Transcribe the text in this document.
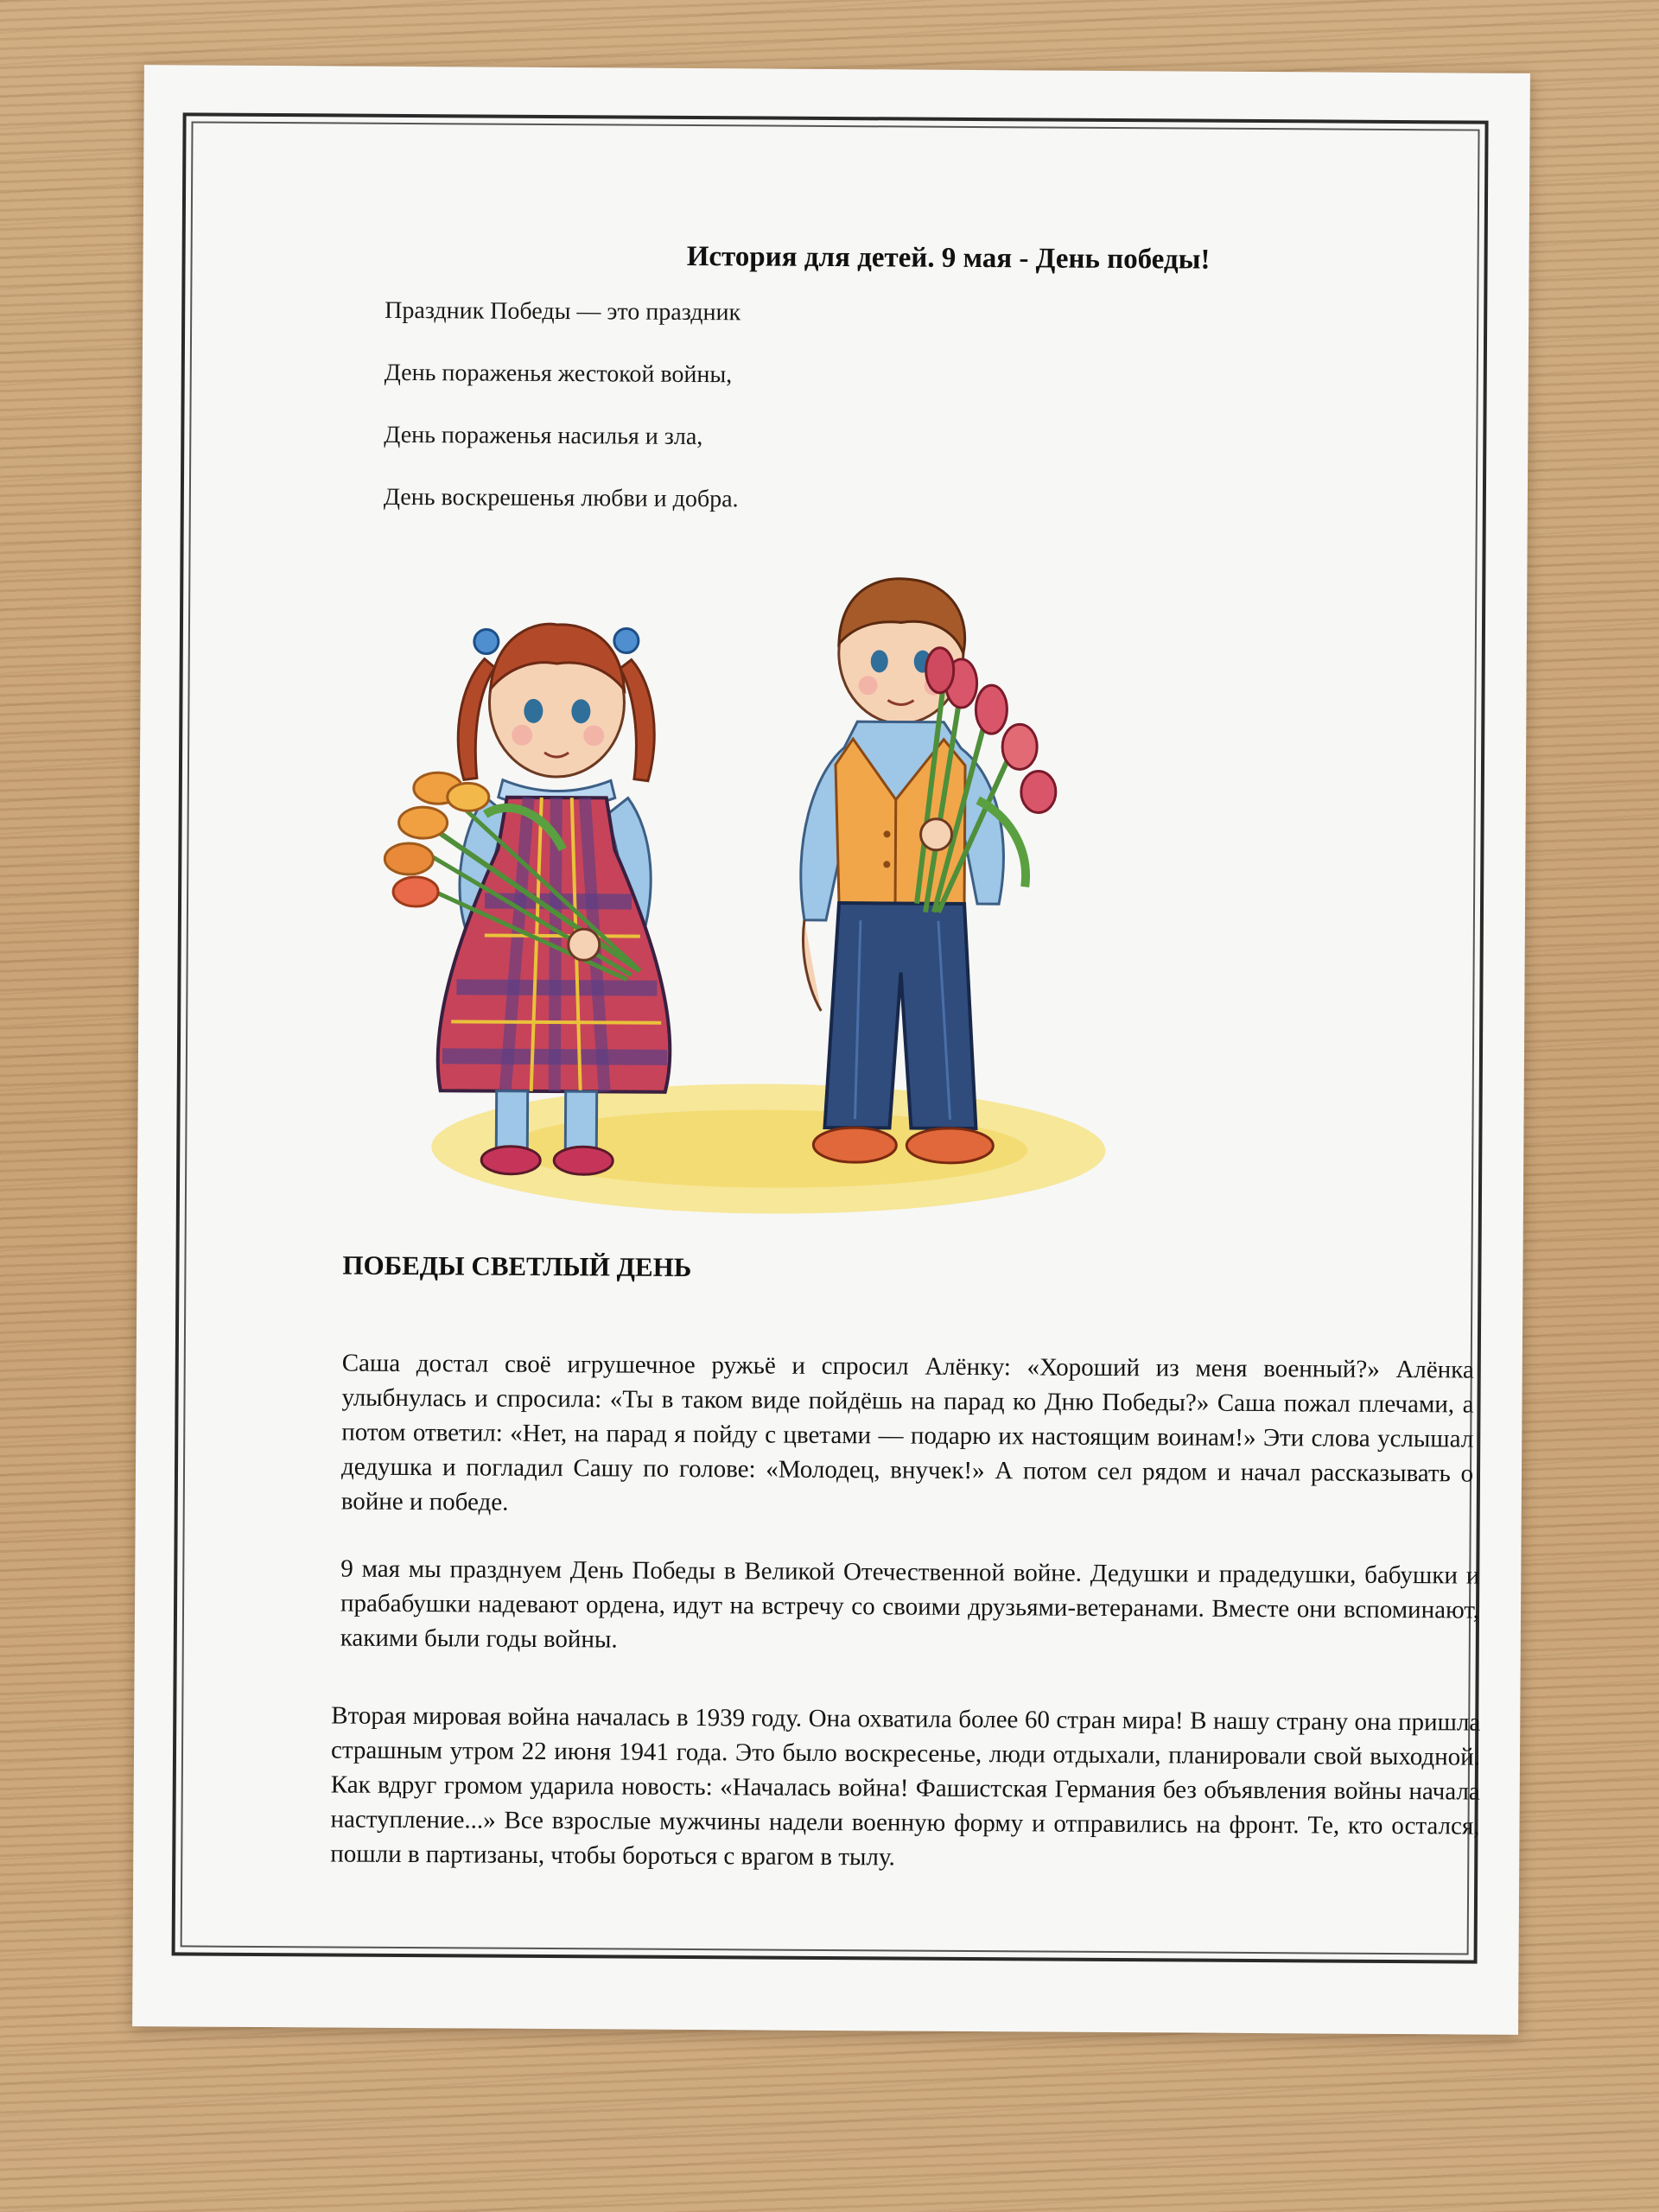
История для детей. 9 мая - День победы!
Праздник Победы — это праздник
День пораженья жестокой войны,
День пораженья насилья и зла,
День воскрешенья любви и добра.
ПОБЕДЫ СВЕТЛЫЙ ДЕНЬ

Саша достал своё игрушечное ружьё и спросил Алёнку: «Хороший из меня военный?» Алёнка улыбнулась и спросила: «Ты в таком виде пойдёшь на парад ко Дню Победы?» Саша пожал плечами, а потом ответил: «Нет, на парад я пойду с цветами — подарю их настоящим воинам!» Эти слова услышал дедушка и погладил Сашу по голове: «Молодец, внучек!» А потом сел рядом и начал рассказывать о войне и победе.

9 мая мы празднуем День Победы в Великой Отечественной войне. Дедушки и прадедушки, бабушки и прабабушки надевают ордена, идут на встречу со своими друзьями-ветеранами. Вместе они вспоминают, какими были годы войны.

Вторая мировая война началась в 1939 году. Она охватила более 60 стран мира! В нашу страну она пришла страшным утром 22 июня 1941 года. Это было воскресенье, люди отдыхали, планировали свой выходной. Как вдруг громом ударила новость: «Началась война! Фашистская Германия без объявления войны начала наступление...» Все взрослые мужчины надели военную форму и отправились на фронт. Те, кто остался, пошли в партизаны, чтобы бороться с врагом в тылу.
